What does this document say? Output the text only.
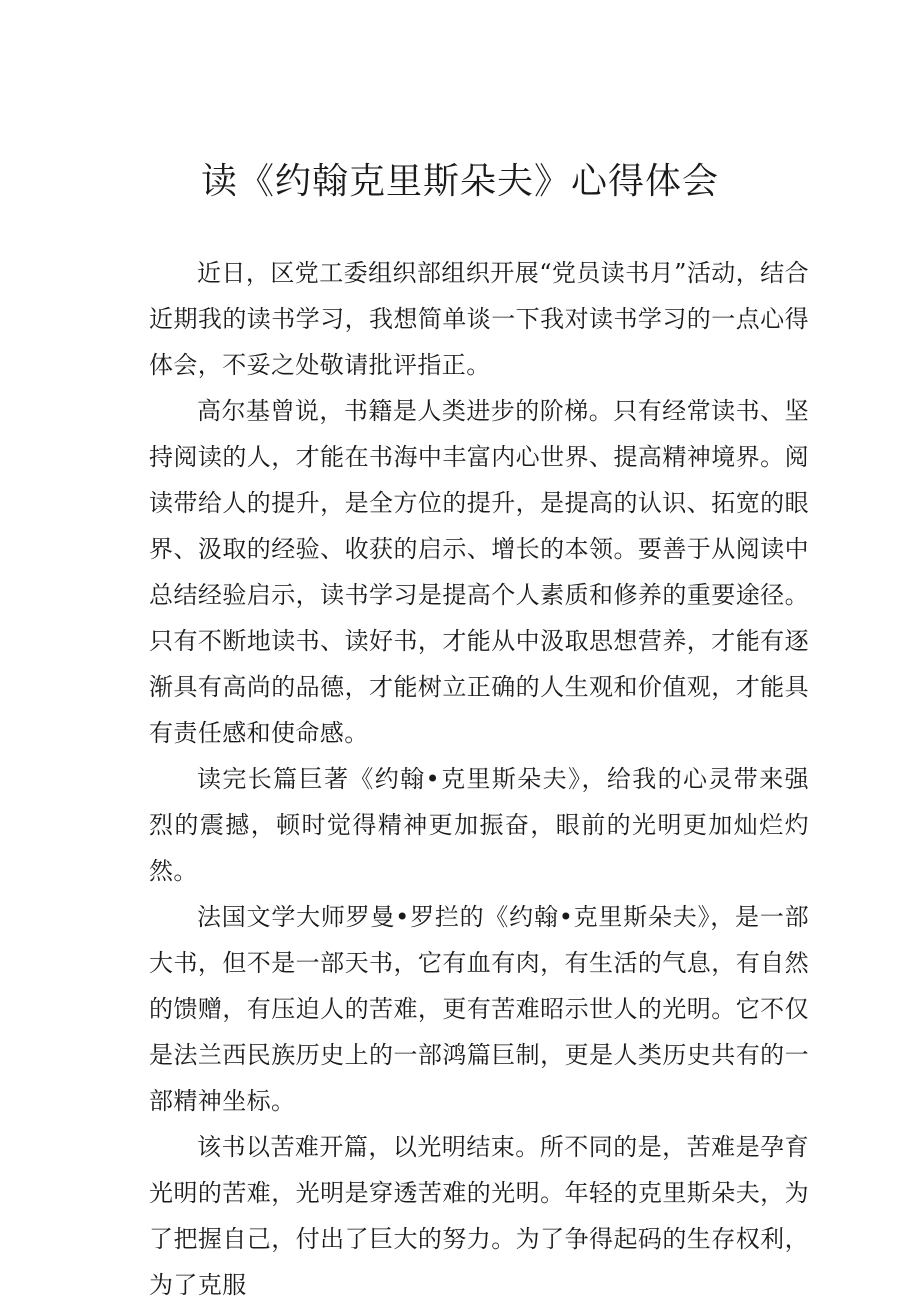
读《约翰克里斯朵夫》心得体会

近日，区党工委组织部组织开展“党员读书月”活动，结合近期我的读书学习，我想简单谈一下我对读书学习的一点心得体会，不妥之处敬请批评指正。

高尔基曾说，书籍是人类进步的阶梯。只有经常读书、坚持阅读的人，才能在书海中丰富内心世界、提高精神境界。阅读带给人的提升，是全方位的提升，是提高的认识、拓宽的眼界、汲取的经验、收获的启示、增长的本领。要善于从阅读中总结经验启示，读书学习是提高个人素质和修养的重要途径。只有不断地读书、读好书，才能从中汲取思想营养，才能有逐渐具有高尚的品德，才能树立正确的人生观和价值观，才能具有责任感和使命感。

读完长篇巨著《约翰•克里斯朵夫》，给我的心灵带来强烈的震撼，顿时觉得精神更加振奋，眼前的光明更加灿烂灼然。

法国文学大师罗曼•罗拦的《约翰•克里斯朵夫》，是一部大书，但不是一部天书，它有血有肉，有生活的气息，有自然的馈赠，有压迫人的苦难，更有苦难昭示世人的光明。它不仅是法兰西民族历史上的一部鸿篇巨制，更是人类历史共有的一部精神坐标。

该书以苦难开篇，以光明结束。所不同的是，苦难是孕育光明的苦难，光明是穿透苦难的光明。年轻的克里斯朵夫，为了把握自己，付出了巨大的努力。为了争得起码的生存权利，为了克服
